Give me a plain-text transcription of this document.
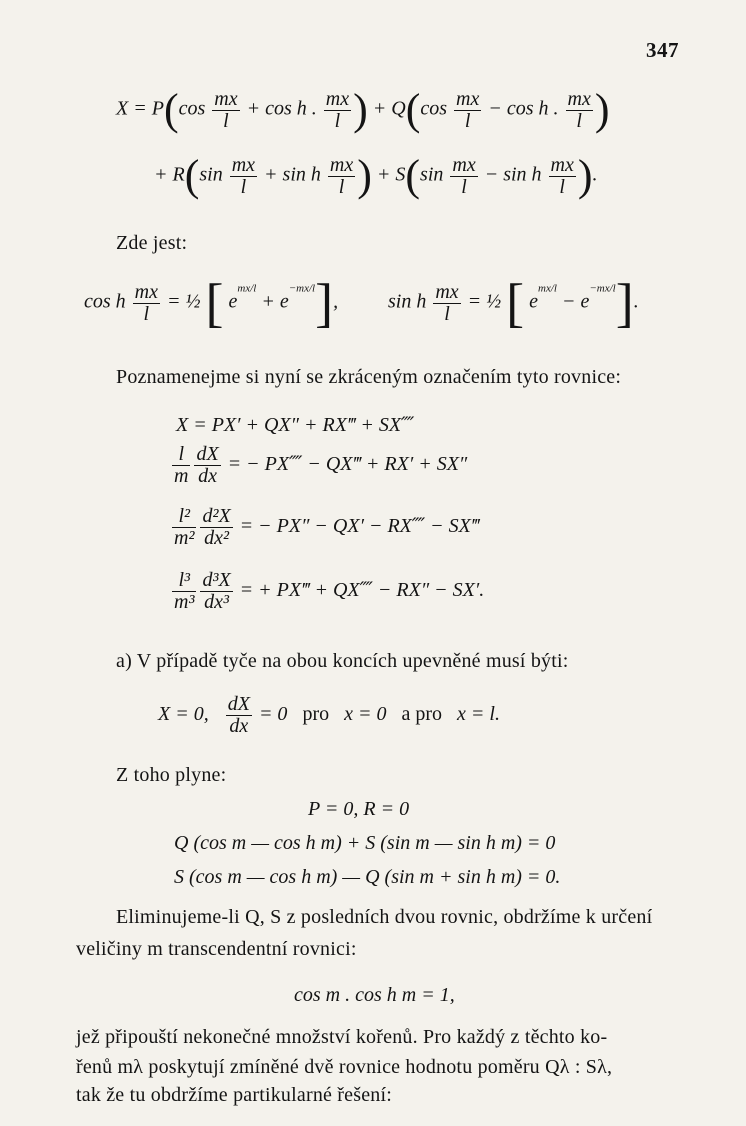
347
$X = P(\cos \frac{mx}{l} + \cos h$ . $\frac{mx}{l}$ ) + $Q(\cos \frac{mx}{l} - \cos h$ . $\frac{mx}{l}$ )
+ $R(\sin \frac{mx}{l} + \sin h \frac{mx}{l}$ ) + $S(\sin \frac{mx}{l} - \sin h \frac{mx}{l}$ ).
Zde jest:
cos h $\frac{mx}{l}$ = ½ [ $e^{mx/l} + e^{-mx/l}$], sin h $\frac{mx}{l}$ = ½ [ $e^{mx/l} - e^{-mx/l}$].
Poznamenejme si nyní se zkráceným označením tyto rovnice:
X = PX′ + QX″ + RX‴ + SX⁗
$\frac{l}{m} \frac{dX}{dx}$ = − PX⁗ − QX‴ + RX′ + SX″
$\frac{\text{l²}}{\text{m²}} \frac{\text{d²X}}{\text{dx²}}$ = − PX″ − QX′ − RX⁗ − SX‴
$\frac{\text{l³}}{\text{m³}} \frac{\text{d³X}}{\text{dx³}}$ = + PX‴ + QX⁗ − RX″ − SX′.
a) V případě tyče na obou koncích upevněné musí býti:
X = 0, $\frac{dX}{dx} = 0$   pro   x = 0   a pro   x = l.
Z toho plyne:
P = 0, R = 0
Q (cos m — cos h m) + S (sin m — sin h m) = 0
S (cos m — cos h m) — Q (sin m + sin h m) = 0.
Eliminujeme-li Q, S z posledních dvou rovnic, obdržíme k určení
veličiny m transcendentní rovnici:
cos m . cos h m = 1,
jež připouští nekonečné množství kořenů. Pro každý z těchto ko-
řenů mλ poskytují zmíněné dvě rovnice hodnotu poměru Qλ : Sλ,
tak že tu obdržíme partikularné řešení:
